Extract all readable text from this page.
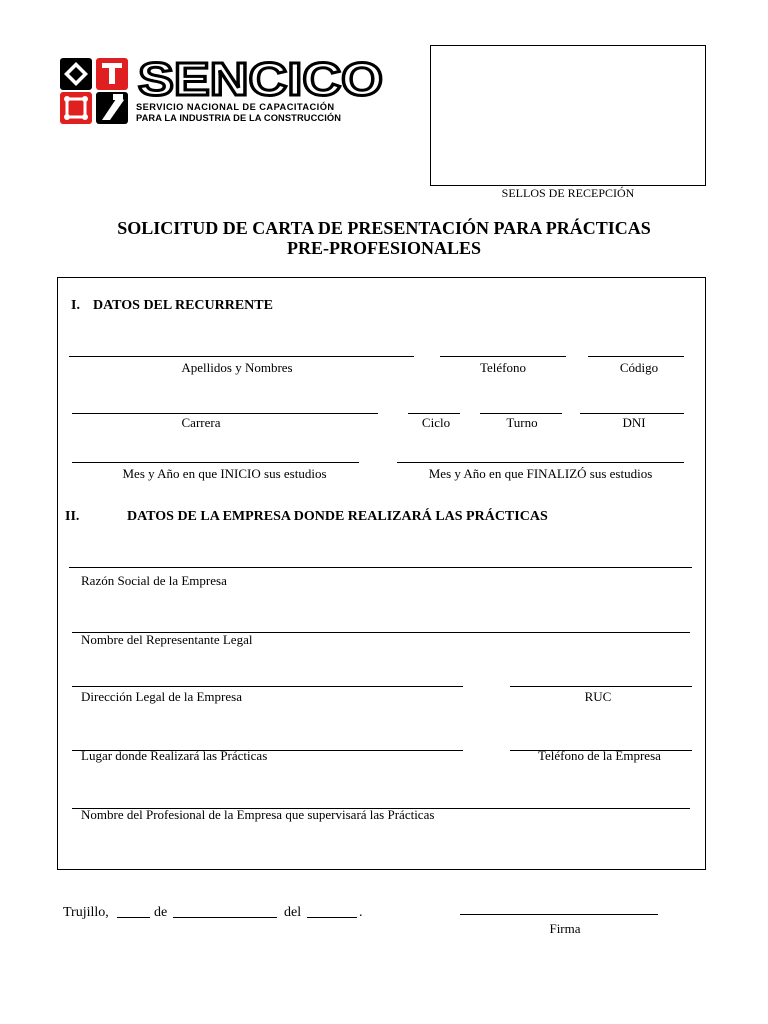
SENCICO
SERVICIO NACIONAL DE CAPACITACIÓN
PARA LA INDUSTRIA DE LA CONSTRUCCIÓN
SELLOS DE RECEPCIÓN
SOLICITUD DE CARTA DE PRESENTACIÓN PARA PRÁCTICAS
PRE-PROFESIONALES
I. DATOS DEL RECURRENTE
Apellidos y Nombres	Teléfono	Código
Carrera	Ciclo	Turno	DNI
Mes y Año en que INICIO sus estudios	Mes y Año en que FINALIZÓ sus estudios
II.	DATOS DE LA EMPRESA DONDE REALIZARÁ LAS PRÁCTICAS
Razón Social de la Empresa
Nombre del Representante Legal
Dirección Legal de la Empresa	RUC
Lugar donde Realizará las Prácticas	Teléfono de la Empresa
Nombre del Profesional de la Empresa que supervisará las Prácticas
Trujillo,	de	del	.
Firma
